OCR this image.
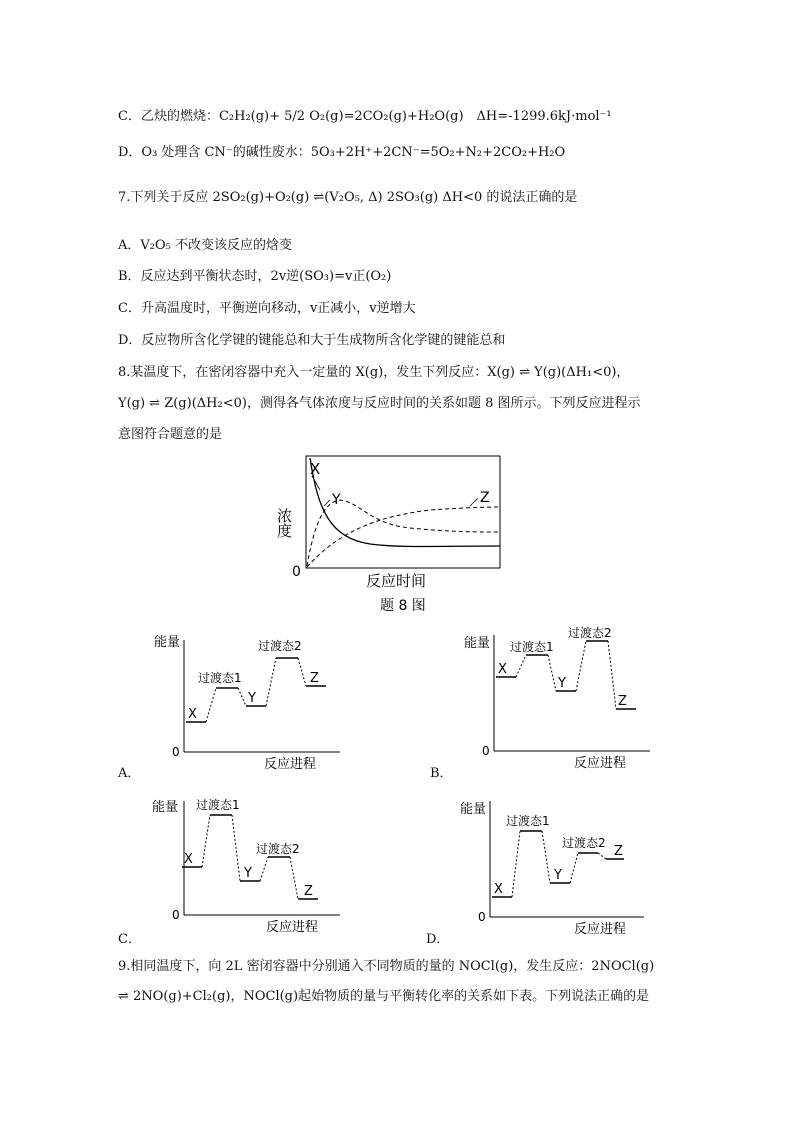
C．乙炔的燃烧：C₂H₂(g)+ 5/2 O₂(g)=2CO₂(g)+H₂O(g)　ΔH=-1299.6kJ·mol⁻¹
D．O₃ 处理含 CN⁻的碱性废水：5O₃+2H⁺+2CN⁻=5O₂+N₂+2CO₂+H₂O
7.下列关于反应 2SO₂(g)+O₂(g) ⇌(V₂O₅, Δ) 2SO₃(g) ΔH<0 的说法正确的是
A．V₂O₅ 不改变该反应的焓变
B．反应达到平衡状态时，2v逆(SO₃)=v正(O₂)
C．升高温度时，平衡逆向移动，v正减小，v逆增大
D．反应物所含化学键的键能总和大于生成物所含化学键的键能总和
8.某温度下，在密闭容器中充入一定量的 X(g)，发生下列反应：X(g) ⇌ Y(g)(ΔH₁<0)，
Y(g) ⇌ Z(g)(ΔH₂<0)，测得各气体浓度与反应时间的关系如题 8 图所示。下列反应进程示
意图符合题意的是
X
Y	Z
浓度
0	反应时间
题 8 图
能量
0
反应进程
X
过渡态1
Y
过渡态2
Z
A．
能量
0
反应进程
X
过渡态1
Y
过渡态2
Z
B．
能量
0
反应进程
X
过渡态1
Y
过渡态2
Z
C．
能量
0
反应进程
X
过渡态1
Y
过渡态2
Z
D．
9.相同温度下，向 2L 密闭容器中分别通入不同物质的量的 NOCl(g)，发生反应：2NOCl(g)
⇌ 2NO(g)+Cl₂(g)，NOCl(g)起始物质的量与平衡转化率的关系如下表。下列说法正确的是
